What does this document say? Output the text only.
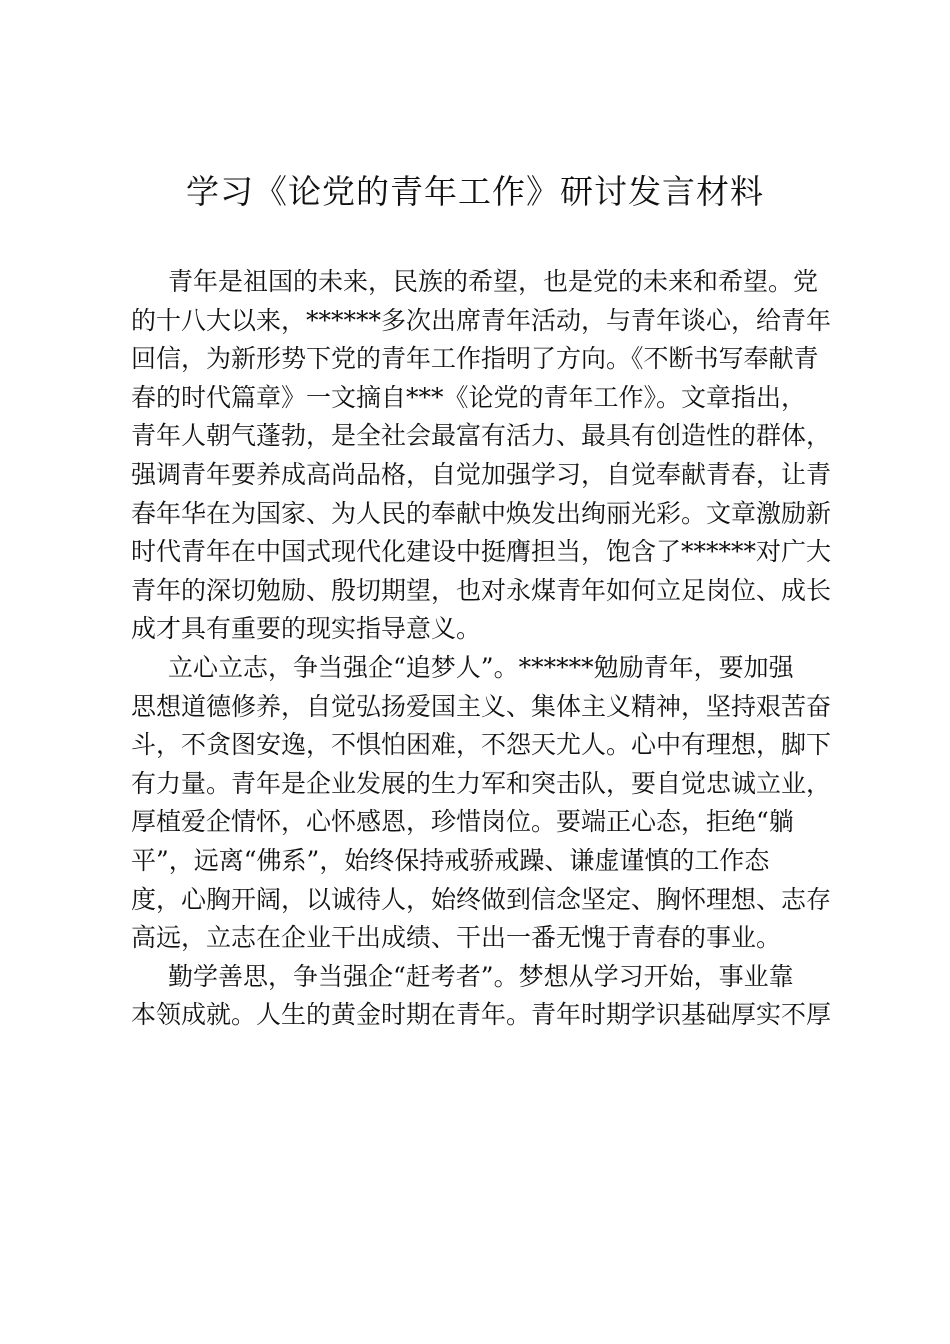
学习《论党的青年工作》研讨发言材料
青年是祖国的未来，民族的希望，也是党的未来和希望。党
的十八大以来，******多次出席青年活动，与青年谈心，给青年
回信，为新形势下党的青年工作指明了方向。《不断书写奉献青
春的时代篇章》一文摘自***《论党的青年工作》。文章指出，
青年人朝气蓬勃，是全社会最富有活力、最具有创造性的群体，
强调青年要养成高尚品格，自觉加强学习，自觉奉献青春，让青
春年华在为国家、为人民的奉献中焕发出绚丽光彩。文章激励新
时代青年在中国式现代化建设中挺膺担当，饱含了******对广大
青年的深切勉励、殷切期望，也对永煤青年如何立足岗位、成长
成才具有重要的现实指导意义。
立心立志，争当强企“追梦人”。******勉励青年，要加强
思想道德修养，自觉弘扬爱国主义、集体主义精神，坚持艰苦奋
斗，不贪图安逸，不惧怕困难，不怨天尤人。心中有理想，脚下
有力量。青年是企业发展的生力军和突击队，要自觉忠诚立业，
厚植爱企情怀，心怀感恩，珍惜岗位。要端正心态，拒绝“躺
平”，远离“佛系”，始终保持戒骄戒躁、谦虚谨慎的工作态
度，心胸开阔，以诚待人，始终做到信念坚定、胸怀理想、志存
高远，立志在企业干出成绩、干出一番无愧于青春的事业。
勤学善思，争当强企“赶考者”。梦想从学习开始，事业靠
本领成就。人生的黄金时期在青年。青年时期学识基础厚实不厚
